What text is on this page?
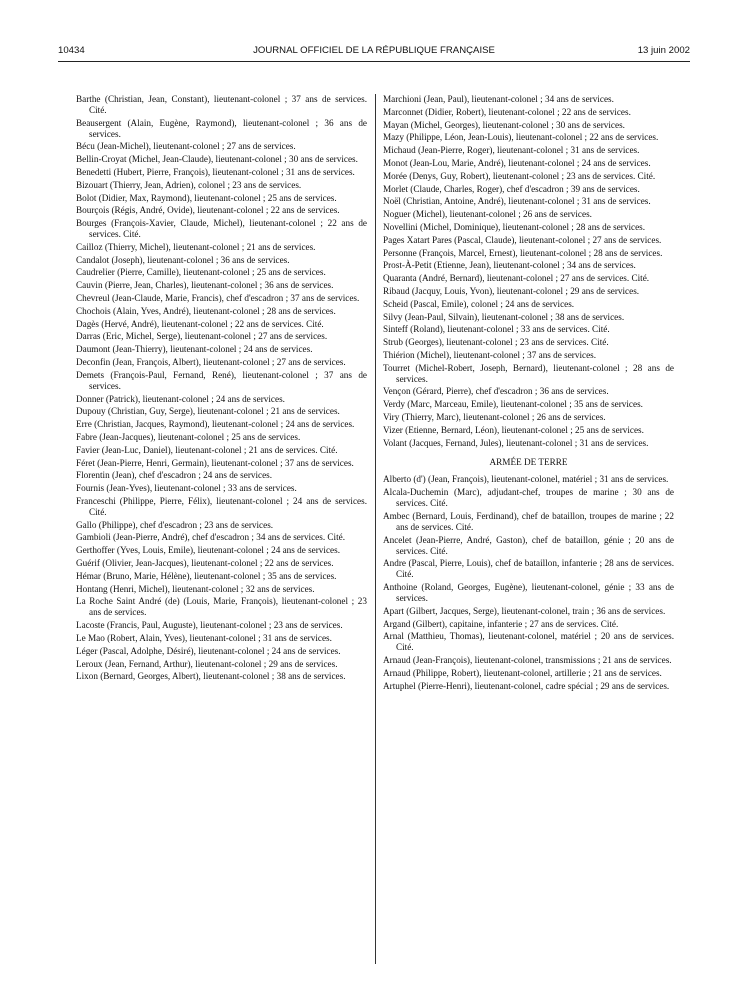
10434	JOURNAL OFFICIEL DE LA RÉPUBLIQUE FRANÇAISE	13 juin 2002

Barthe (Christian, Jean, Constant), lieutenant-colonel ; 37 ans de services. Cité.

Beausergent (Alain, Eugène, Raymond), lieutenant-colonel ; 36 ans de services.

Bécu (Jean-Michel), lieutenant-colonel ; 27 ans de services.

Bellin-Croyat (Michel, Jean-Claude), lieutenant-colonel ; 30 ans de services.

Benedetti (Hubert, Pierre, François), lieutenant-colonel ; 31 ans de services.

Bizouart (Thierry, Jean, Adrien), colonel ; 23 ans de services.

Bolot (Didier, Max, Raymond), lieutenant-colonel ; 25 ans de services.

Bourçois (Régis, André, Ovide), lieutenant-colonel ; 22 ans de services.

Bourges (François-Xavier, Claude, Michel), lieutenant-colonel ; 22 ans de services. Cité.

Cailloz (Thierry, Michel), lieutenant-colonel ; 21 ans de services.

Candalot (Joseph), lieutenant-colonel ; 36 ans de services.

Caudrelier (Pierre, Camille), lieutenant-colonel ; 25 ans de services.

Cauvin (Pierre, Jean, Charles), lieutenant-colonel ; 36 ans de services.

Chevreul (Jean-Claude, Marie, Francis), chef d'escadron ; 37 ans de services.

Chochois (Alain, Yves, André), lieutenant-colonel ; 28 ans de services.

Dagès (Hervé, André), lieutenant-colonel ; 22 ans de services. Cité.

Darras (Eric, Michel, Serge), lieutenant-colonel ; 27 ans de services.

Daumont (Jean-Thierry), lieutenant-colonel ; 24 ans de services.

Deconfin (Jean, François, Albert), lieutenant-colonel ; 27 ans de services.

Demets (François-Paul, Fernand, René), lieutenant-colonel ; 37 ans de services.

Donner (Patrick), lieutenant-colonel ; 24 ans de services.

Dupouy (Christian, Guy, Serge), lieutenant-colonel ; 21 ans de services.

Erre (Christian, Jacques, Raymond), lieutenant-colonel ; 24 ans de services.

Fabre (Jean-Jacques), lieutenant-colonel ; 25 ans de services.

Favier (Jean-Luc, Daniel), lieutenant-colonel ; 21 ans de services. Cité.

Féret (Jean-Pierre, Henri, Germain), lieutenant-colonel ; 37 ans de services.

Florentin (Jean), chef d'escadron ; 24 ans de services.

Fournis (Jean-Yves), lieutenant-colonel ; 33 ans de services.

Franceschi (Philippe, Pierre, Félix), lieutenant-colonel ; 24 ans de services. Cité.

Gallo (Philippe), chef d'escadron ; 23 ans de services.

Gambioli (Jean-Pierre, André), chef d'escadron ; 34 ans de services. Cité.

Gerthoffer (Yves, Louis, Emile), lieutenant-colonel ; 24 ans de services.

Guérif (Olivier, Jean-Jacques), lieutenant-colonel ; 22 ans de services.

Hémar (Bruno, Marie, Hélène), lieutenant-colonel ; 35 ans de services.

Hontang (Henri, Michel), lieutenant-colonel ; 32 ans de services.

La Roche Saint André (de) (Louis, Marie, François), lieutenant-colonel ; 23 ans de services.

Lacoste (Francis, Paul, Auguste), lieutenant-colonel ; 23 ans de services.

Le Mao (Robert, Alain, Yves), lieutenant-colonel ; 31 ans de services.

Léger (Pascal, Adolphe, Désiré), lieutenant-colonel ; 24 ans de services.

Leroux (Jean, Fernand, Arthur), lieutenant-colonel ; 29 ans de services.

Lixon (Bernard, Georges, Albert), lieutenant-colonel ; 38 ans de services.

Marchioni (Jean, Paul), lieutenant-colonel ; 34 ans de services.

Marconnet (Didier, Robert), lieutenant-colonel ; 22 ans de services.

Mayan (Michel, Georges), lieutenant-colonel ; 30 ans de services.

Mazy (Philippe, Léon, Jean-Louis), lieutenant-colonel ; 22 ans de services.

Michaud (Jean-Pierre, Roger), lieutenant-colonel ; 31 ans de services.

Monot (Jean-Lou, Marie, André), lieutenant-colonel ; 24 ans de services.

Morée (Denys, Guy, Robert), lieutenant-colonel ; 23 ans de services. Cité.

Morlet (Claude, Charles, Roger), chef d'escadron ; 39 ans de services.

Noël (Christian, Antoine, André), lieutenant-colonel ; 31 ans de services.

Noguer (Michel), lieutenant-colonel ; 26 ans de services.

Novellini (Michel, Dominique), lieutenant-colonel ; 28 ans de services.

Pages Xatart Pares (Pascal, Claude), lieutenant-colonel ; 27 ans de services.

Personne (François, Marcel, Ernest), lieutenant-colonel ; 28 ans de services.

Prost-À-Petit (Etienne, Jean), lieutenant-colonel ; 34 ans de services.

Quaranta (André, Bernard), lieutenant-colonel ; 27 ans de services. Cité.

Ribaud (Jacquy, Louis, Yvon), lieutenant-colonel ; 29 ans de services.

Scheid (Pascal, Emile), colonel ; 24 ans de services.

Silvy (Jean-Paul, Silvain), lieutenant-colonel ; 38 ans de services.

Sinteff (Roland), lieutenant-colonel ; 33 ans de services. Cité.

Strub (Georges), lieutenant-colonel ; 23 ans de services. Cité.

Thiérion (Michel), lieutenant-colonel ; 37 ans de services.

Tourret (Michel-Robert, Joseph, Bernard), lieutenant-colonel ; 28 ans de services.

Vençon (Gérard, Pierre), chef d'escadron ; 36 ans de services.

Verdy (Marc, Marceau, Emile), lieutenant-colonel ; 35 ans de services.

Viry (Thierry, Marc), lieutenant-colonel ; 26 ans de services.

Vizer (Etienne, Bernard, Léon), lieutenant-colonel ; 25 ans de services.

Volant (Jacques, Fernand, Jules), lieutenant-colonel ; 31 ans de services.

ARMÉE DE TERRE

Alberto (d') (Jean, François), lieutenant-colonel, matériel ; 31 ans de services.

Alcala-Duchemin (Marc), adjudant-chef, troupes de marine ; 30 ans de services. Cité.

Ambec (Bernard, Louis, Ferdinand), chef de bataillon, troupes de marine ; 22 ans de services. Cité.

Ancelet (Jean-Pierre, André, Gaston), chef de bataillon, génie ; 20 ans de services. Cité.

Andre (Pascal, Pierre, Louis), chef de bataillon, infanterie ; 28 ans de services. Cité.

Anthoine (Roland, Georges, Eugène), lieutenant-colonel, génie ; 33 ans de services.

Apart (Gilbert, Jacques, Serge), lieutenant-colonel, train ; 36 ans de services.

Argand (Gilbert), capitaine, infanterie ; 27 ans de services. Cité.

Arnal (Matthieu, Thomas), lieutenant-colonel, matériel ; 20 ans de services. Cité.

Arnaud (Jean-François), lieutenant-colonel, transmissions ; 21 ans de services.

Arnaud (Philippe, Robert), lieutenant-colonel, artillerie ; 21 ans de services.

Artuphel (Pierre-Henri), lieutenant-colonel, cadre spécial ; 29 ans de services.
